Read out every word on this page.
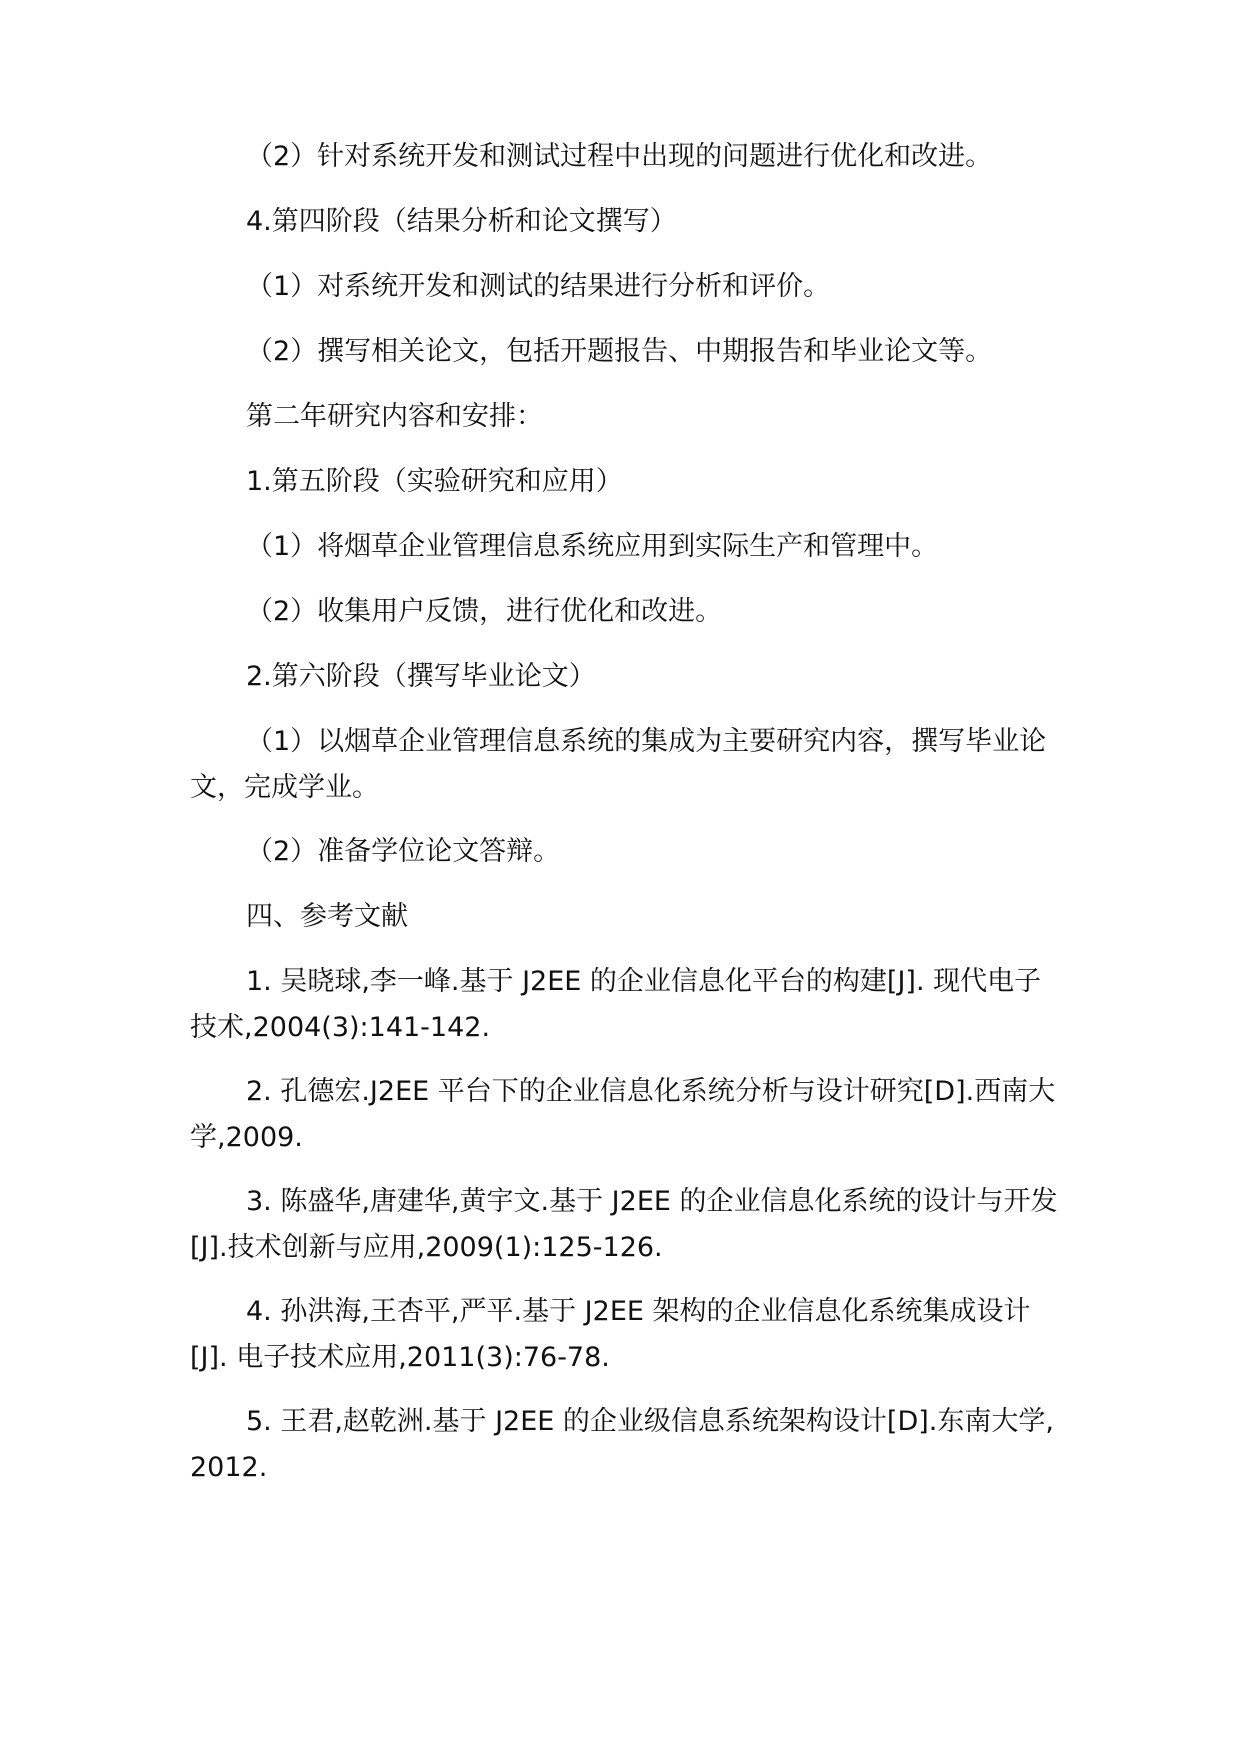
（2）针对系统开发和测试过程中出现的问题进行优化和改进。

4.第四阶段（结果分析和论文撰写）

（1）对系统开发和测试的结果进行分析和评价。

（2）撰写相关论文，包括开题报告、中期报告和毕业论文等。

第二年研究内容和安排：

1.第五阶段（实验研究和应用）

（1）将烟草企业管理信息系统应用到实际生产和管理中。

（2）收集用户反馈，进行优化和改进。

2.第六阶段（撰写毕业论文）

（1）以烟草企业管理信息系统的集成为主要研究内容，撰写毕业论文，完成学业。

（2）准备学位论文答辩。

四、参考文献

1. 吴晓球,李一峰.基于 J2EE 的企业信息化平台的构建[J]. 现代电子技术,2004(3):141-142.

2. 孔德宏.J2EE 平台下的企业信息化系统分析与设计研究[D].西南大学,2009.

3. 陈盛华,唐建华,黄宇文.基于 J2EE 的企业信息化系统的设计与开发[J].技术创新与应用,2009(1):125-126.

4. 孙洪海,王杏平,严平.基于 J2EE 架构的企业信息化系统集成设计[J]. 电子技术应用,2011(3):76-78.

5. 王君,赵乾洲.基于 J2EE 的企业级信息系统架构设计[D].东南大学,2012.
